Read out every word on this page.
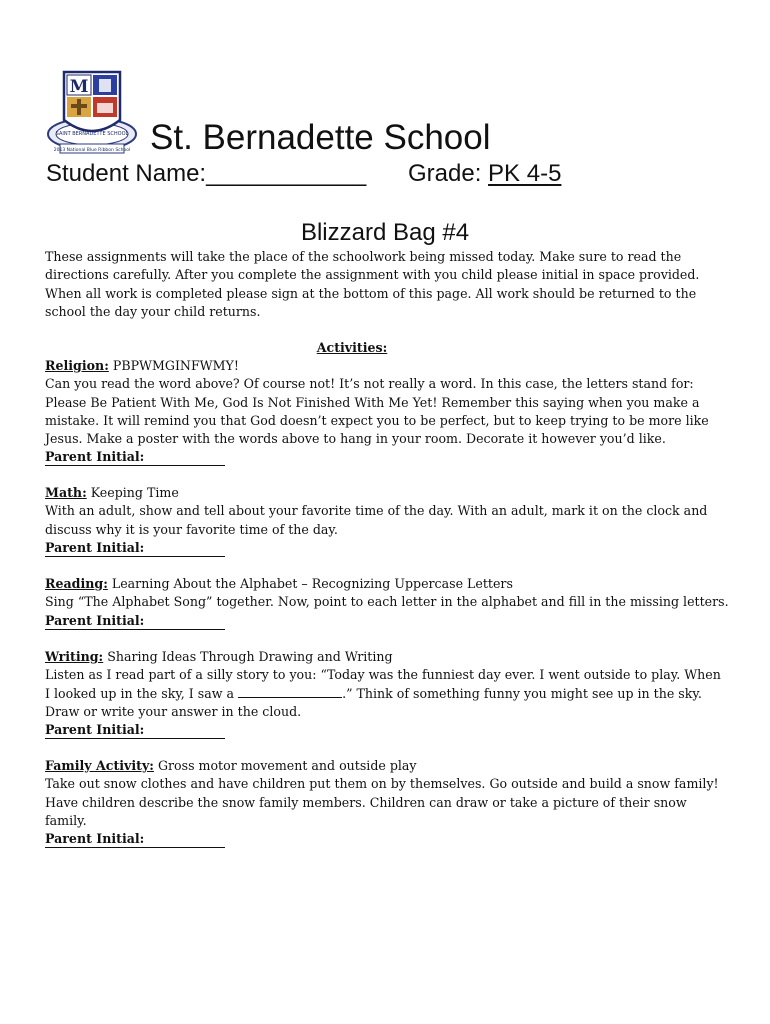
M
2013 National Blue Ribbon School
SAINT BERNADETTE SCHOOL St. Bernadette School
Student Name:____________ Grade: PK 4-5
Blizzard Bag #4
These assignments will take the place of the schoolwork being missed today. Make sure to read the
directions carefully. After you complete the assignment with you child please initial in space provided.
When all work is completed please sign at the bottom of this page. All work should be returned to the
school the day your child returns.
Activities:
Religion: PBPWMGINFWMY!
Can you read the word above? Of course not! It’s not really a word. In this case, the letters stand for:
Please Be Patient With Me, God Is Not Finished With Me Yet! Remember this saying when you make a
mistake. It will remind you that God doesn’t expect you to be perfect, but to keep trying to be more like
Jesus. Make a poster with the words above to hang in your room. Decorate it however you’d like.
Parent Initial:
Math: Keeping Time
With an adult, show and tell about your favorite time of the day. With an adult, mark it on the clock and
discuss why it is your favorite time of the day.
Parent Initial:
Reading: Learning About the Alphabet – Recognizing Uppercase Letters
Sing “The Alphabet Song” together. Now, point to each letter in the alphabet and fill in the missing letters.
Parent Initial:
Writing: Sharing Ideas Through Drawing and Writing
Listen as I read part of a silly story to you: “Today was the funniest day ever. I went outside to play. When
I looked up in the sky, I saw a	.” Think of something funny you might see up in the sky.
Draw or write your answer in the cloud.
Parent Initial:
Family Activity: Gross motor movement and outside play
Take out snow clothes and have children put them on by themselves. Go outside and build a snow family!
Have children describe the snow family members. Children can draw or take a picture of their snow
family.
Parent Initial:
